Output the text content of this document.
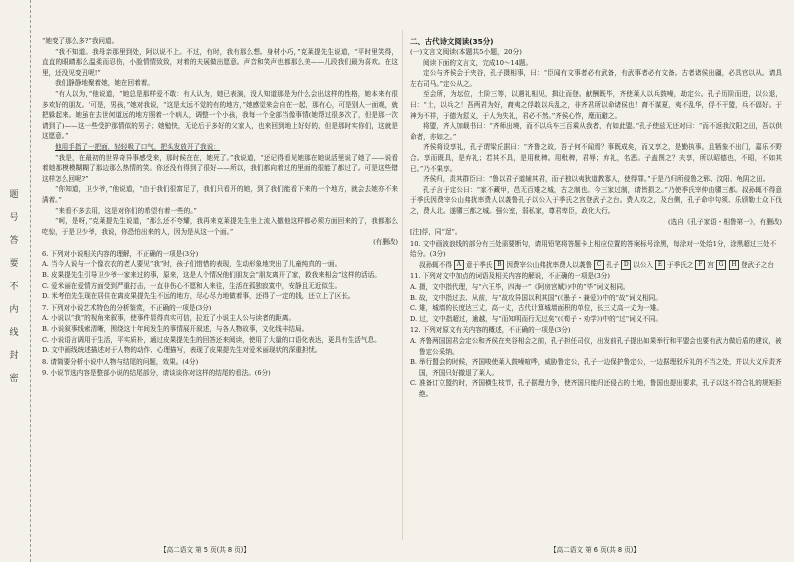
题
号
答
要
不
内
线
封
密

“她变了那么多?”我问道。

“我不知道。我母亲那里到处，阿以说不上。不过，有时，我有那么想。身材小巧，”克莱提先生说道，“平时里笑得，直直的眼睛那么温柔而忍伤，小脸情情致致，对着的夫展做出愿意。声音和笑声也都那么美——儿段我们最为喜欢。在这里，还没见变丑呢!”

我们静静地聚着她，她在回着着。

“有人以为，”他说道，“她总是那样爱不敢：有人认为，她已表演，没人知道那是为什么会出这样的性格，她本来有很多欢好的朋友。‘可是，男孩，”她对我说，“这是太远不觉的有的地方，”她感觉来会自在一起，那有心，可是别人一面观，就把躲起来。她虽在去世何道远的地方照着一个病人，调整一个小孩，我每一个全部当像事情(她帮过很多次了，但是那一次请到了)——这一些受护那情似的男子；她勉快，无论后于多好的父家人，也来回到地上好好的，但是那时实你们，这就是这愿意。”

他用手指了一把面，轻轻吸了口气，把头发放开了我说：

“我是，在最初的世界奇异事感受来，那时候在在，她死了。”我说道，“还记得看见她那在她说活里说了她了——说看着她那模模糊糊了那边那么热情的笑。你还没有得到了很好——所以，我们都向着过的里面的很能了都过了。可是这些错这样怎么回呢?”

“你知道，卫少爷，”他说道，“由于我们很富足了，我们只看开的她，到了我们能看下来的一个地方，就会去她亦不来满着。”

“来看不多去用，这是对你们的希望有着一些的。”

“呵，是呀，”克莱提先生说道，“那么还不夸耀，我再来克莱提先生坐上流入撤他这样都必须方面回来的了，我都那么吃惊，于是卫少爷，我说，你恐怕出来的人，因为是从这一个面。”

(有删改)
6. 下列对小说相关内容的理解，不正确的一项是(3分)
A. 当今人说与一个像衣衣的老人要见“我”时，孩子们惜惜的表现，生动形象地突出了儿童纯真的一面。
B. 皮果提先生引导卫少爷一家来过的事，原来，这是人个情况他们朋友会“朋友离开了家，救我来相会”这样的活话。
C. 爱米丽在爱情方面受到严重打击，一直非伤心不愿和人来往，生活在孤独寂寞中，安静且无近似生。
D. 米考伯先生现在居住在离皮果提先生不远的地方，尽心尽力地做着事，还得了一定的钱，还立上了区长。
7. 下列对小说艺术特色的分析鉴赏，不正确的一项是(3分)
A. 小说以“我”的视角来叙事，使事件显得真实可信，拉近了小说主人公与读者的距离。
B. 小说叙事线索清晰，围绕这十年间发生的事情展开叙述，与各人物故事，文化线丰结局。
C. 小说语言调用于生活，平实质朴，通过皮果提先生的回答还来阅读，使用了大量的口语化表达，更具有生活气息。
D. 文中画线统述描述对于人物的动作、心理描写，表现了皮果提先生对爱米丽现状的深重担忧。
8. 请简要分析小说中人物与结尾的问题，效果。(4分)
9. 小说节选内容是整部小说的结尾部分，请谈谈你对这样的结尾的看法。(6分)
二、古代诗文阅读(35分)
(一)文言文阅读(本题共5小题，20分)

阅读下面的文言文，完成10～14题。

定公与齐侯会于夹谷，孔子摄相事，曰：“臣闻有文事者必有武备，有武事者必有文备。古者诸侯出疆，必具官以从。请具左右司马。”定公从之。

至会所，为坛位，土阶三等，以遇礼相见，揖让而登。献酬既毕，齐使莱人以兵鼓噪，劫定公。孔子历阶而进，以公退，曰：“士，以兵之！吾两君为好，裔夷之俘敢以兵乱之，非齐君所以命诸侯也！裔不谋夏，夷不乱华，俘不干盟，兵不偪好。于神为不祥，于德为愆义，于人为失礼，君必不然。”齐侯心怍，麾而避之。

将盟，齐人加载书曰：“齐师出境，而不以兵车三百乘从我者，有如此盟。”孔子使兹无还对曰：“而不返我汶阳之田，吾以供命者，亦如之。”

齐侯将设享礼，孔子谓梁丘据曰：“齐鲁之故，吾子何不闻焉？事既成矣，而又享之，是勤执事。且牺象不出门，嘉乐不野合。享而既具，是弃礼；若其不具，是用秕稗。用秕稗，君辱；弃礼，名恶。子盍图之？夫享，所以昭德也，不昭，不如其已。”乃不果享。

齐侯归，责其群臣曰：“鲁以君子道辅其君，而子独以夷狄道教寡人，使得罪。”于是乃归所侵鲁之郓、汶阳、龟阴之田。

孔子言于定公曰：“家不藏甲，邑无百雉之城，古之制也。今三家过制，请皆损之。”乃使季氏宰仲由隳三都。叔孙辄不得意于季氏因费宰公山弗扰率费人以袭鲁孔子以公入于季氏之宫登武子之台。费人攻之，及台侧，孔子命申句须、乐颀勒士众下伐之，费人北。遂隳三都之城。强公室，弱私家，尊君卑臣，政化大行。

(选自《孔子家语・相鲁第一》，有删改)
[注]俘，同“逞”。
10. 文中画波浪线的部分有三处需要断句，请用铅笔将答题卡上相应位置的答案标号涂黑，每涂对一处给1分，涂黑超过三处不给分。(3分)
叔孙辄不得 A 意于季氏 B 因费宰公山弗扰率费人以袭鲁 C 孔子 D 以公入 E 于季氏之 F 宫 G	H 登武子之台
11. 下列对文中加点的词语及相关内容的解说，不正确的一项是(3分)
A. 摄，文中指代理，与“六王毕，四海一”《阿房宫赋》)中的“毕”词义相同。
B. 故，文中指过去、从前，与“故攻异国以利其国”(《墨子・兼爱》)中的“故”词义相同。
C. 雉，城墙的长度达三丈，高一丈，古代计算城墙面积的单位，长三丈高一丈为一雉。
D. 过，文中指超过，逾越，与“而知明而行无过矣”(《荀子・劝学》)中的“过”词义不同。
12. 下列对原文有关内容的概述，不正确的一项是(3分)
A. 齐鲁两国国君会定公和齐侯在夹谷相会之前，孔子担任司仪，出发前孔子提出如果举行和平盟会也要有武力做后盾的建议，被鲁定公采纳。
B. 举行盟会的时候，齐国唆使莱人鼓噪喧哗，威胁鲁定公，孔子一边保护鲁定公，一边据理驳斥礼的不当之处，并以大义斥责齐国，齐国只好撤退了莱人。
C. 准备订立盟约时，齐国横生枝节，孔子据理力争，使齐国只能归还侵占的土地，鲁国也提出要求，孔子以这不符合礼的规矩拒绝。
【高二语文 第 5 页(共 8 页)】	【高二语文 第 6 页(共 8 页)】
